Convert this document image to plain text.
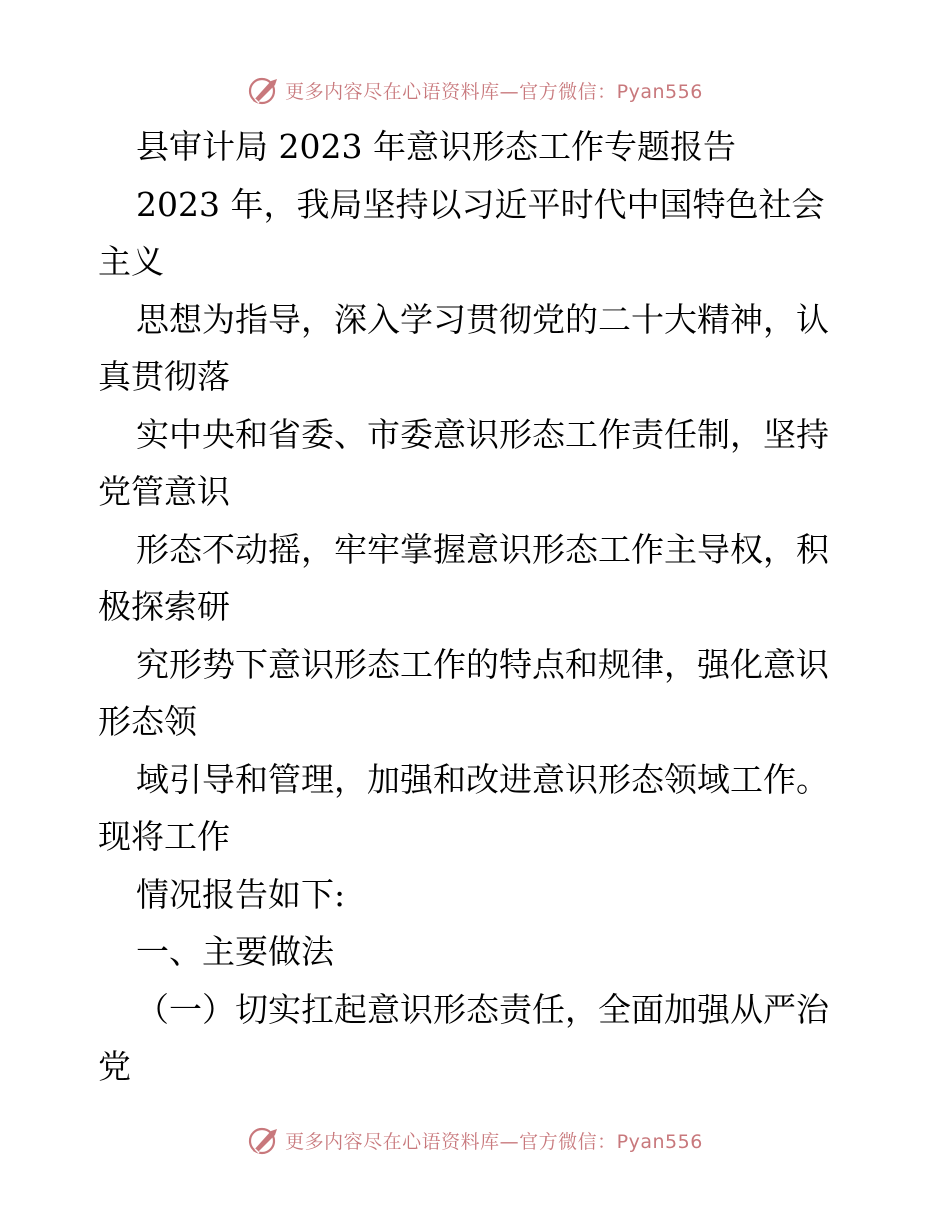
更多内容尽在心语资料库—官方微信：Pyan556
县审计局 2023 年意识形态工作专题报告
2023 年，我局坚持以习近平时代中国特色社会
主义
思想为指导，深入学习贯彻党的二十大精神，认
真贯彻落
实中央和省委、市委意识形态工作责任制，坚持
党管意识
形态不动摇，牢牢掌握意识形态工作主导权，积
极探索研
究形势下意识形态工作的特点和规律，强化意识
形态领
域引导和管理，加强和改进意识形态领域工作。
现将工作
情况报告如下:
一、主要做法
（一）切实扛起意识形态责任，全面加强从严治
党
更多内容尽在心语资料库—官方微信：Pyan556
